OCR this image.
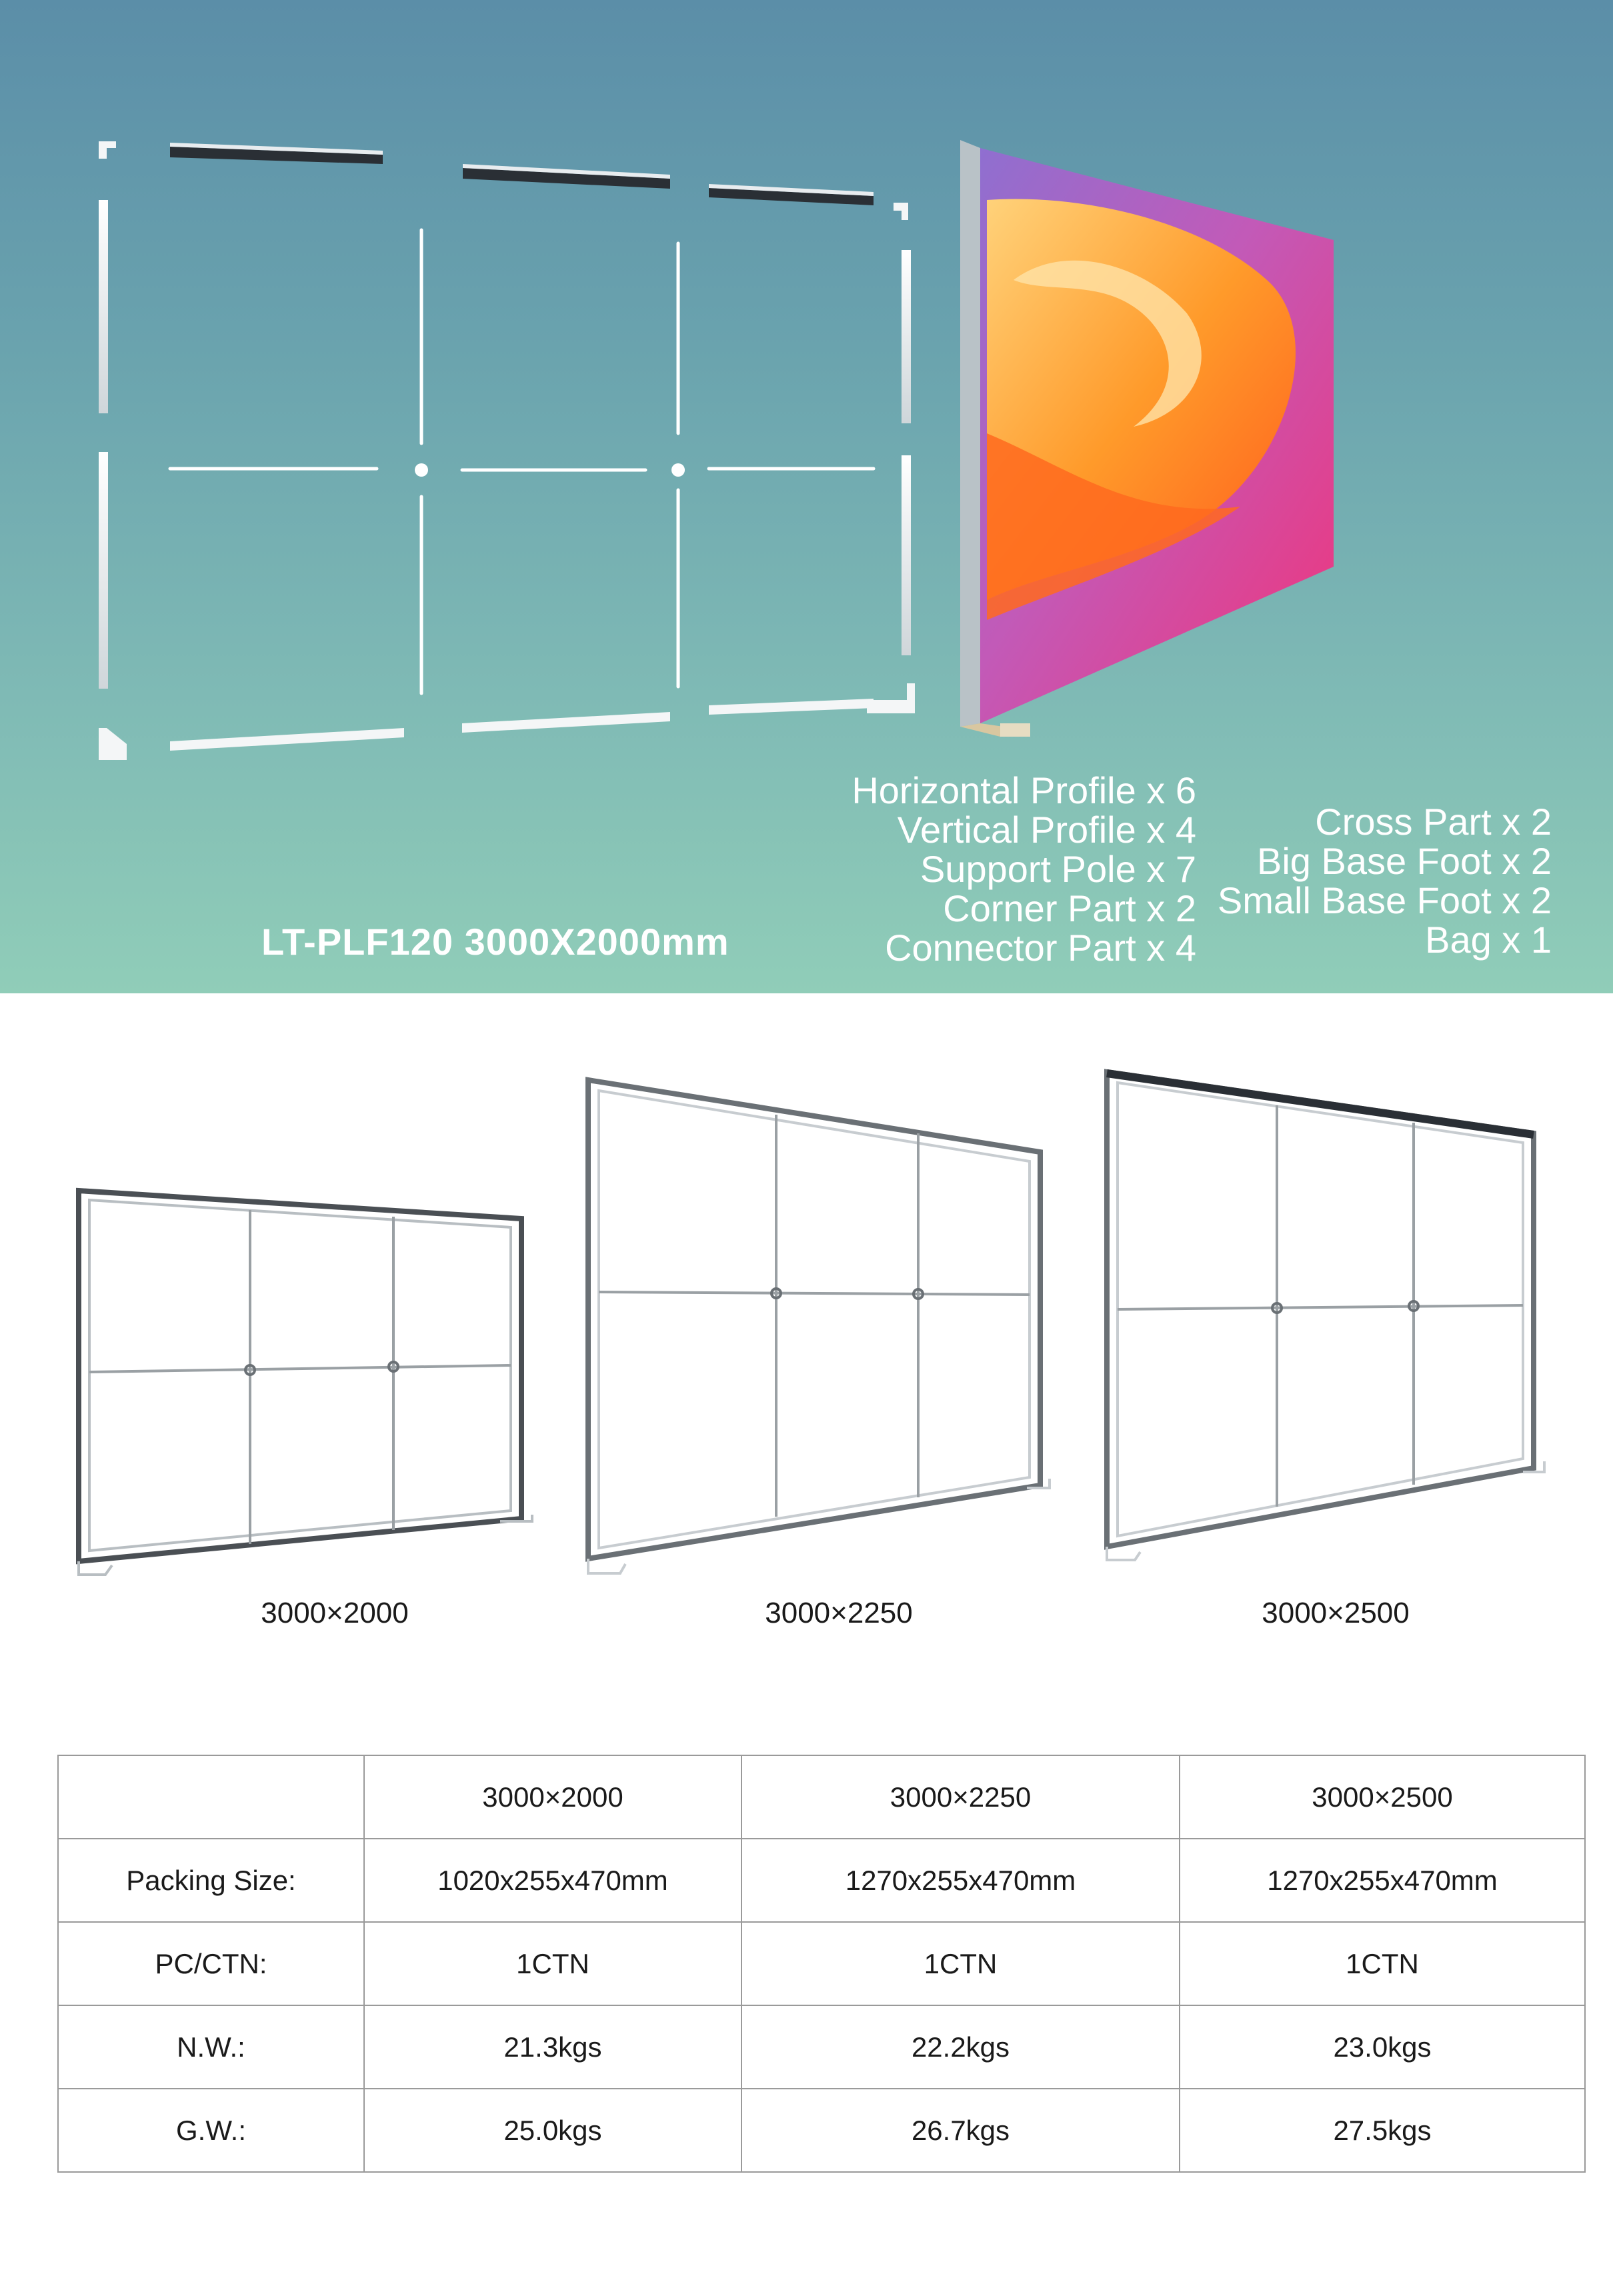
Horizontal Profile x 6
Vertical Profile x 4
Support Pole x 7
Corner Part x 2
Connector Part x 4
Cross Part x 2
Big Base Foot x 2
Small Base Foot x 2
Bag x 1
LT-PLF120 3000X2000mm
3000×2000	3000×2250	3000×2500
	3000×2000	3000×2250	3000×2500
Packing Size:	1020x255x470mm	1270x255x470mm	1270x255x470mm
PC/CTN:	1CTN	1CTN	1CTN
N.W.:	21.3kgs	22.2kgs	23.0kgs
G.W.:	25.0kgs	26.7kgs	27.5kgs
